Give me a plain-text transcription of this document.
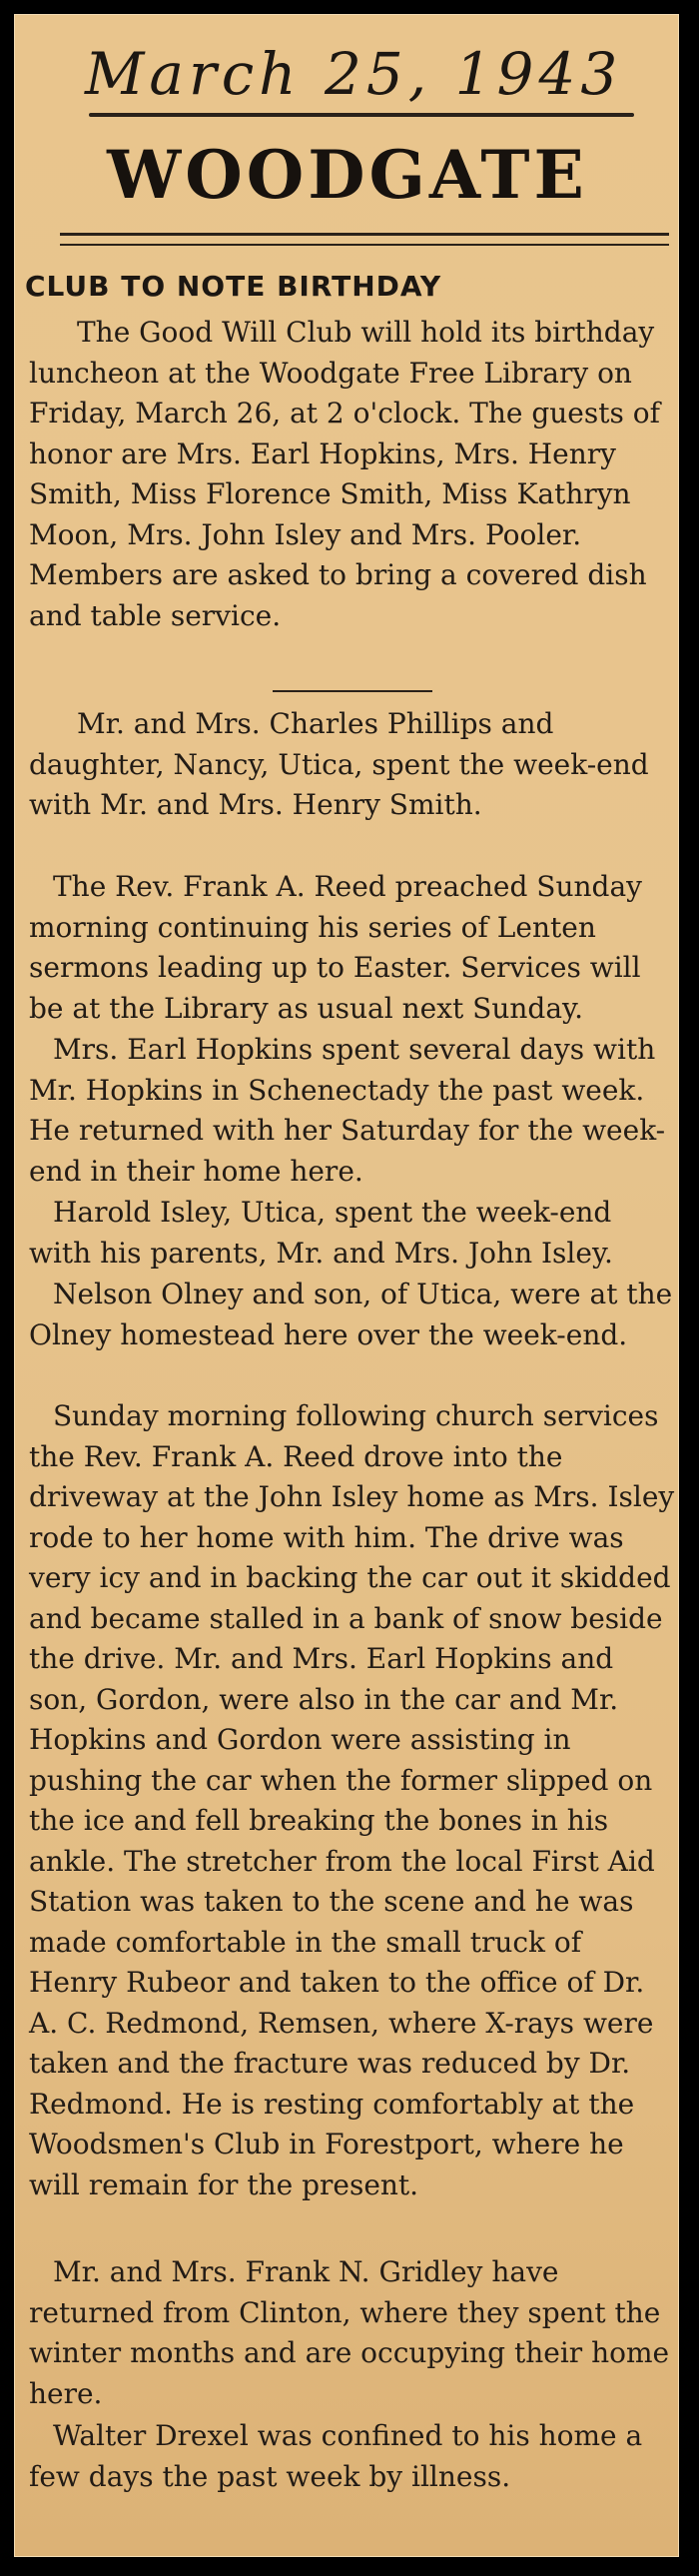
March 25, 1943
WOODGATE
CLUB TO NOTE BIRTHDAY

The Good Will Club will hold its birthday luncheon at the Woodgate Free Library on Friday, March 26, at 2 o'clock. The guests of honor are Mrs. Earl Hopkins, Mrs. Henry Smith, Miss Florence Smith, Miss Kathryn Moon, Mrs. John Isley and Mrs. Pooler. Members are asked to bring a covered dish and table service.

Mr. and Mrs. Charles Phillips and daughter, Nancy, Utica, spent the week-end with Mr. and Mrs. Henry Smith.

The Rev. Frank A. Reed preached Sunday morning continuing his series of Lenten sermons leading up to Easter. Services will be at the Library as usual next Sunday.

Mrs. Earl Hopkins spent several days with Mr. Hopkins in Schenectady the past week. He returned with her Saturday for the week-end in their home here.

Harold Isley, Utica, spent the week-end with his parents, Mr. and Mrs. John Isley.

Nelson Olney and son, of Utica, were at the Olney homestead here over the week-end.

Sunday morning following church services the Rev. Frank A. Reed drove into the driveway at the John Isley home as Mrs. Isley rode to her home with him. The drive was very icy and in backing the car out it skidded and became stalled in a bank of snow beside the drive. Mr. and Mrs. Earl Hopkins and son, Gordon, were also in the car and Mr. Hopkins and Gordon were assisting in pushing the car when the former slipped on the ice and fell breaking the bones in his ankle. The stretcher from the local First Aid Station was taken to the scene and he was made comfortable in the small truck of Henry Rubeor and taken to the office of Dr. A. C. Redmond, Remsen, where X-rays were taken and the fracture was reduced by Dr. Redmond. He is resting comfortably at the Woodsmen's Club in Forestport, where he will remain for the present.

Mr. and Mrs. Frank N. Gridley have returned from Clinton, where they spent the winter months and are occupying their home here.

Walter Drexel was confined to his home a few days the past week by illness.
